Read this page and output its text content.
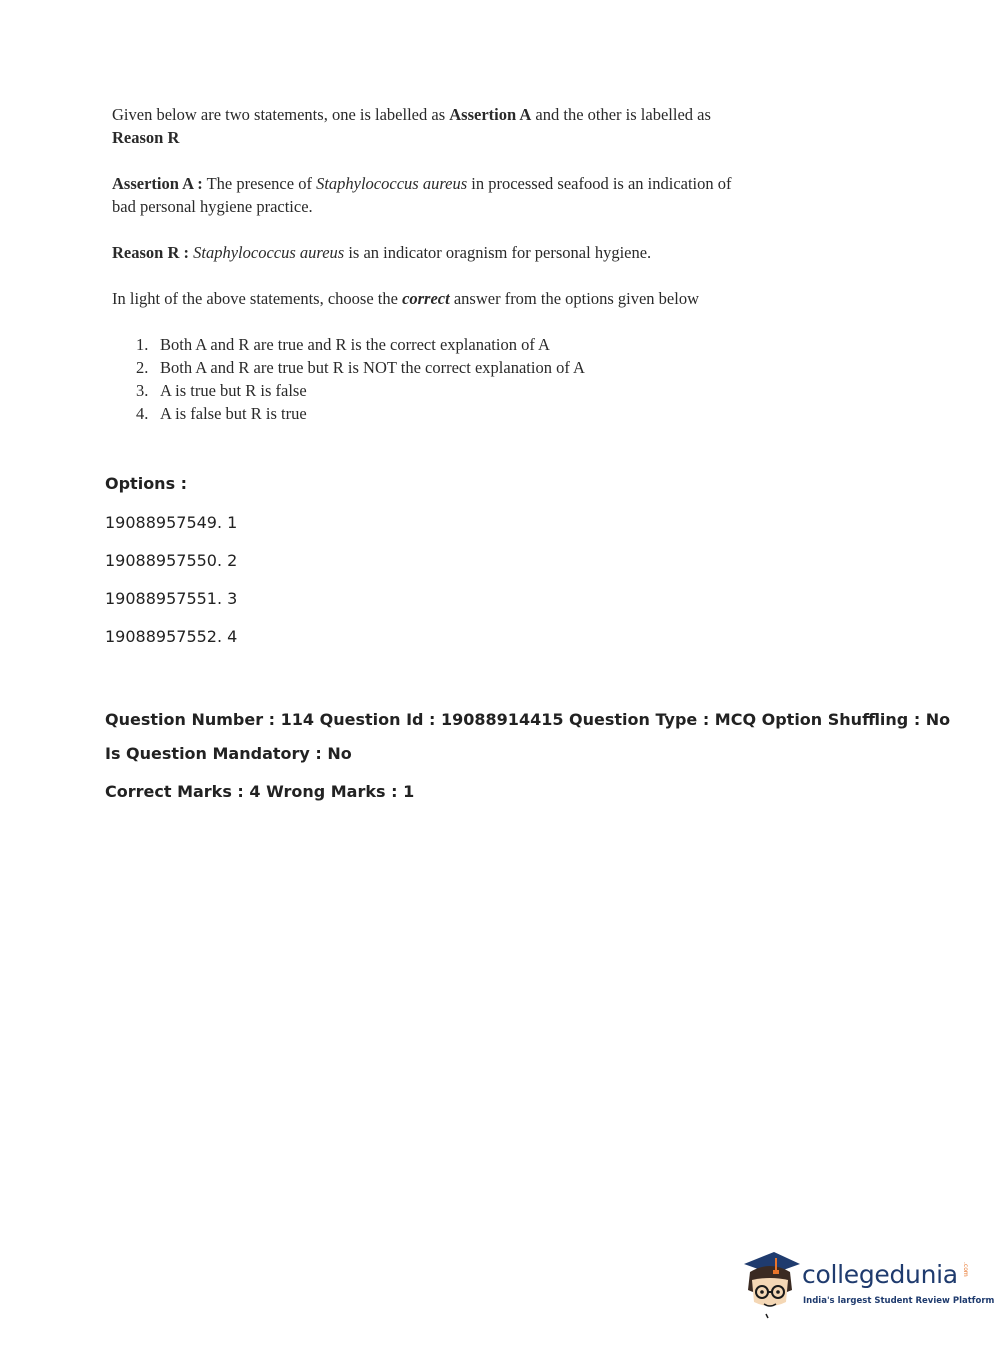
Given below are two statements, one is labelled as Assertion A and the other is labelled as
Reason R

Assertion A : The presence of Staphylococcus aureus in processed seafood is an indication of
bad personal hygiene practice.

Reason R : Staphylococcus aureus is an indicator oragnism for personal hygiene.

In light of the above statements, choose the correct answer from the options given below

1. Both A and R are true and R is the correct explanation of A
2. Both A and R are true but R is NOT the correct explanation of A
3. A is true but R is false
4. A is false but R is true
Options :
19088957549. 1
19088957550. 2
19088957551. 3
19088957552. 4
Question Number : 114 Question Id : 19088914415 Question Type : MCQ Option Shuffling : No
Is Question Mandatory : No
Correct Marks : 4 Wrong Marks : 1
collegedunia .com
India's largest Student Review Platform
